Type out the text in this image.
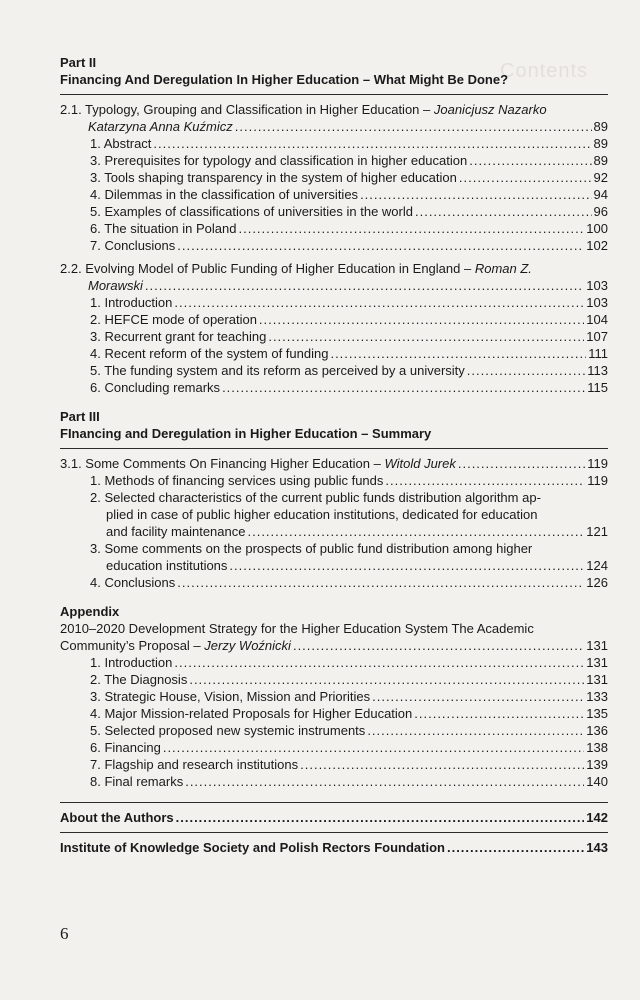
Contents
Part II
Financing And Deregulation In Higher Education – What Might Be Done?
2.1. Typology, Grouping and Classification in Higher Education – Joanicjusz Nazarko
Katarzyna Anna Kuźmicz .....	89
1. Abstract .....	89
3. Prerequisites for typology and classification in higher education .....	89
3. Tools shaping transparency in the system of higher education .....	92
4. Dilemmas in the classification of universities .....	94
5. Examples of classifications of universities in the world .....	96
6. The situation in Poland .....	100
7. Conclusions .....	102
2.2. Evolving Model of Public Funding of Higher Education in England – Roman Z.
Morawski .....	103
1. Introduction .....	103
2. HEFCE mode of operation .....	104
3. Recurrent grant for teaching .....	107
4. Recent reform of the system of funding .....	111
5. The funding system and its reform as perceived by a university .....	113
6. Concluding remarks .....	115
Part III
FInancing and Deregulation in Higher Education – Summary
3.1. Some Comments On Financing Higher Education – Witold Jurek .....	119
1. Methods of financing services using public funds .....	119
2. Selected characteristics of the current public funds distribution algorithm ap-
plied in case of public higher education institutions, dedicated for education
and facility maintenance .....	121
3. Some comments on the prospects of public fund distribution among higher
education institutions .....	124
4. Conclusions .....	126
Appendix
2010–2020 Development Strategy for the Higher Education System The Academic
Community’s Proposal – Jerzy Woźnicki .....	131
1. Introduction .....	131
2. The Diagnosis .....	131
3. Strategic House, Vision, Mission and Priorities .....	133
4. Major Mission-related Proposals for Higher Education .....	135
5. Selected proposed new systemic instruments .....	136
6. Financing .....	138
7. Flagship and research institutions .....	139
8. Final remarks .....	140
About the Authors .....	142
Institute of Knowledge Society and Polish Rectors Foundation .....	143
6
